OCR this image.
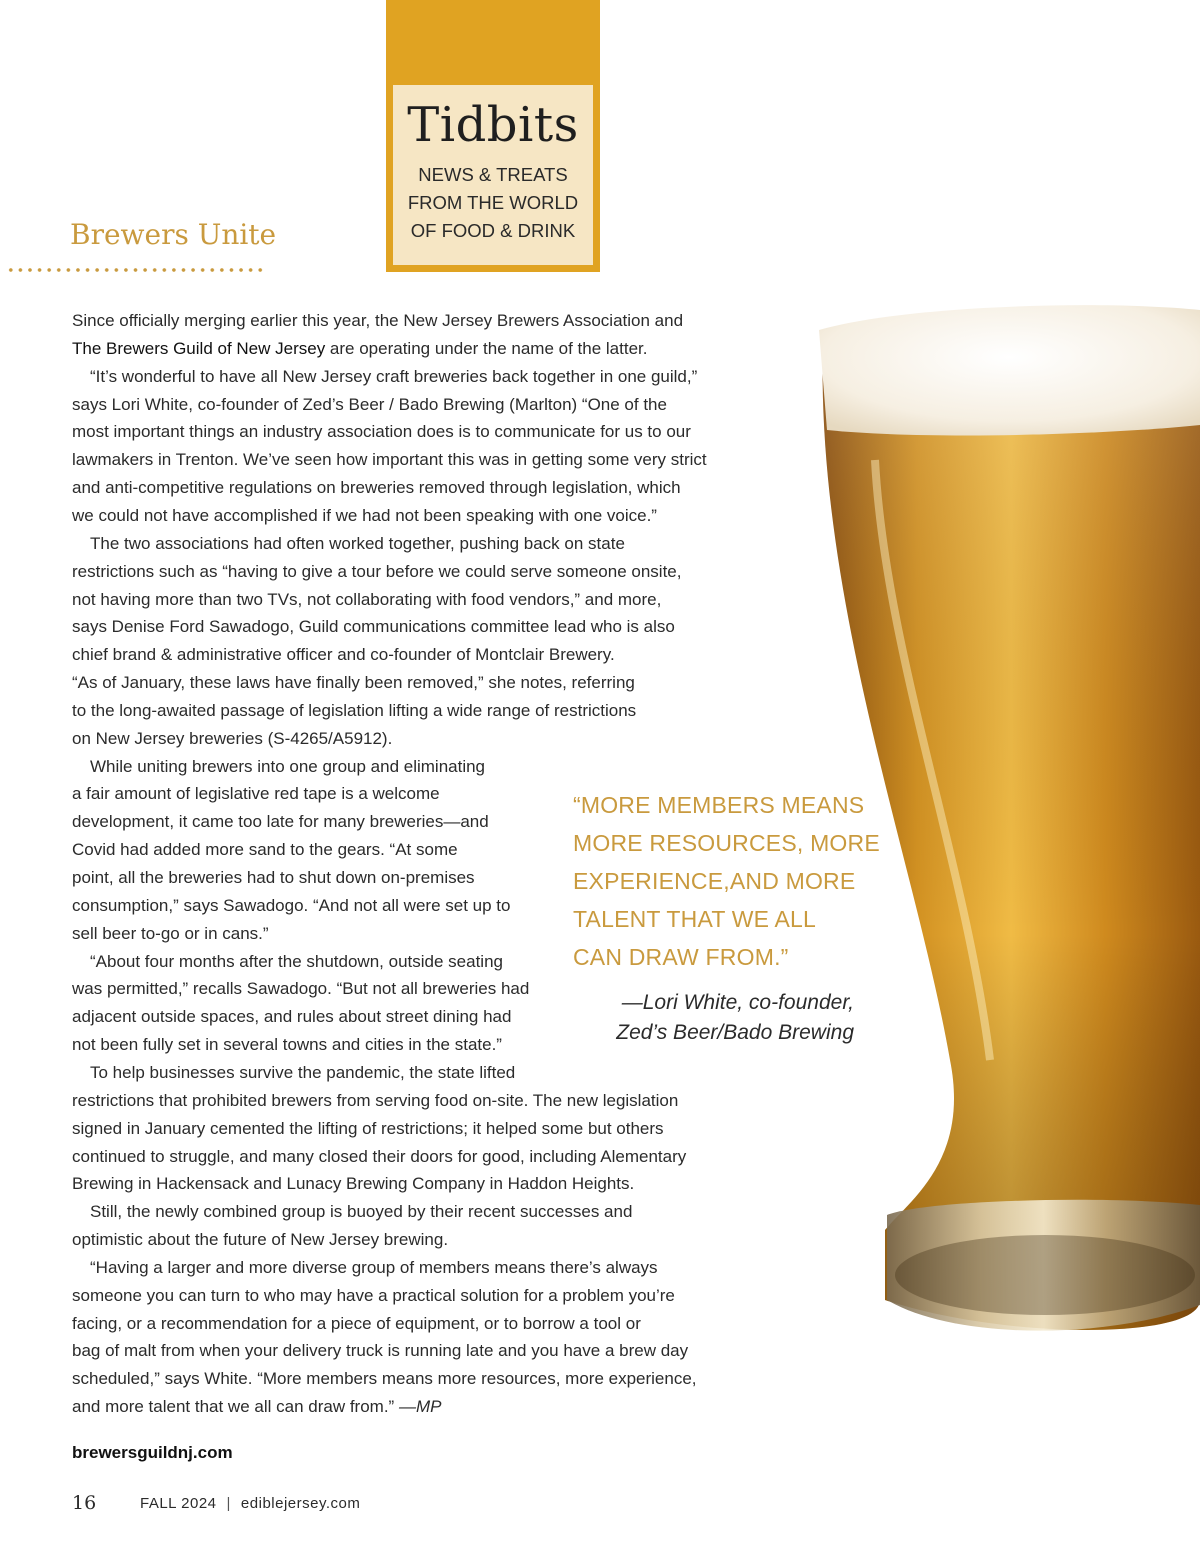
Tidbits
NEWS & TREATS
FROM THE WORLD
OF FOOD & DRINK
Brewers Unite
Since officially merging earlier this year, the New Jersey Brewers Association and
The Brewers Guild of New Jersey are operating under the name of the latter.
“It’s wonderful to have all New Jersey craft breweries back together in one guild,”
says Lori White, co-founder of Zed’s Beer / Bado Brewing (Marlton) “One of the
most important things an industry association does is to communicate for us to our
lawmakers in Trenton. We’ve seen how important this was in getting some very strict
and anti-competitive regulations on breweries removed through legislation, which
we could not have accomplished if we had not been speaking with one voice.”
The two associations had often worked together, pushing back on state
restrictions such as “having to give a tour before we could serve someone onsite,
not having more than two TVs, not collaborating with food vendors,” and more,
says Denise Ford Sawadogo, Guild communications committee lead who is also
chief brand & administrative officer and co-founder of Montclair Brewery.
“As of January, these laws have finally been removed,” she notes, referring
to the long-awaited passage of legislation lifting a wide range of restrictions
on New Jersey breweries (S-4265/A5912).
While uniting brewers into one group and eliminating
a fair amount of legislative red tape is a welcome
development, it came too late for many breweries—and
Covid had added more sand to the gears. “At some
point, all the breweries had to shut down on-premises
consumption,” says Sawadogo. “And not all were set up to
sell beer to-go or in cans.”
“About four months after the shutdown, outside seating
was permitted,” recalls Sawadogo. “But not all breweries had
adjacent outside spaces, and rules about street dining had
not been fully set in several towns and cities in the state.”
To help businesses survive the pandemic, the state lifted
restrictions that prohibited brewers from serving food on-site. The new legislation
signed in January cemented the lifting of restrictions; it helped some but others
continued to struggle, and many closed their doors for good, including Alementary
Brewing in Hackensack and Lunacy Brewing Company in Haddon Heights.
Still, the newly combined group is buoyed by their recent successes and
optimistic about the future of New Jersey brewing.
“Having a larger and more diverse group of members means there’s always
someone you can turn to who may have a practical solution for a problem you’re
facing, or a recommendation for a piece of equipment, or to borrow a tool or
bag of malt from when your delivery truck is running late and you have a brew day
scheduled,” says White. “More members means more resources, more experience,
and more talent that we all can draw from.” —MP
“MORE MEMBERS MEANS
MORE RESOURCES, MORE
EXPERIENCE,AND MORE
TALENT THAT WE ALL
CAN DRAW FROM.”
—Lori White, co-founder,
Zed’s Beer/Bado Brewing
brewersguildnj.com
16	FALL 2024 | ediblejersey.com
